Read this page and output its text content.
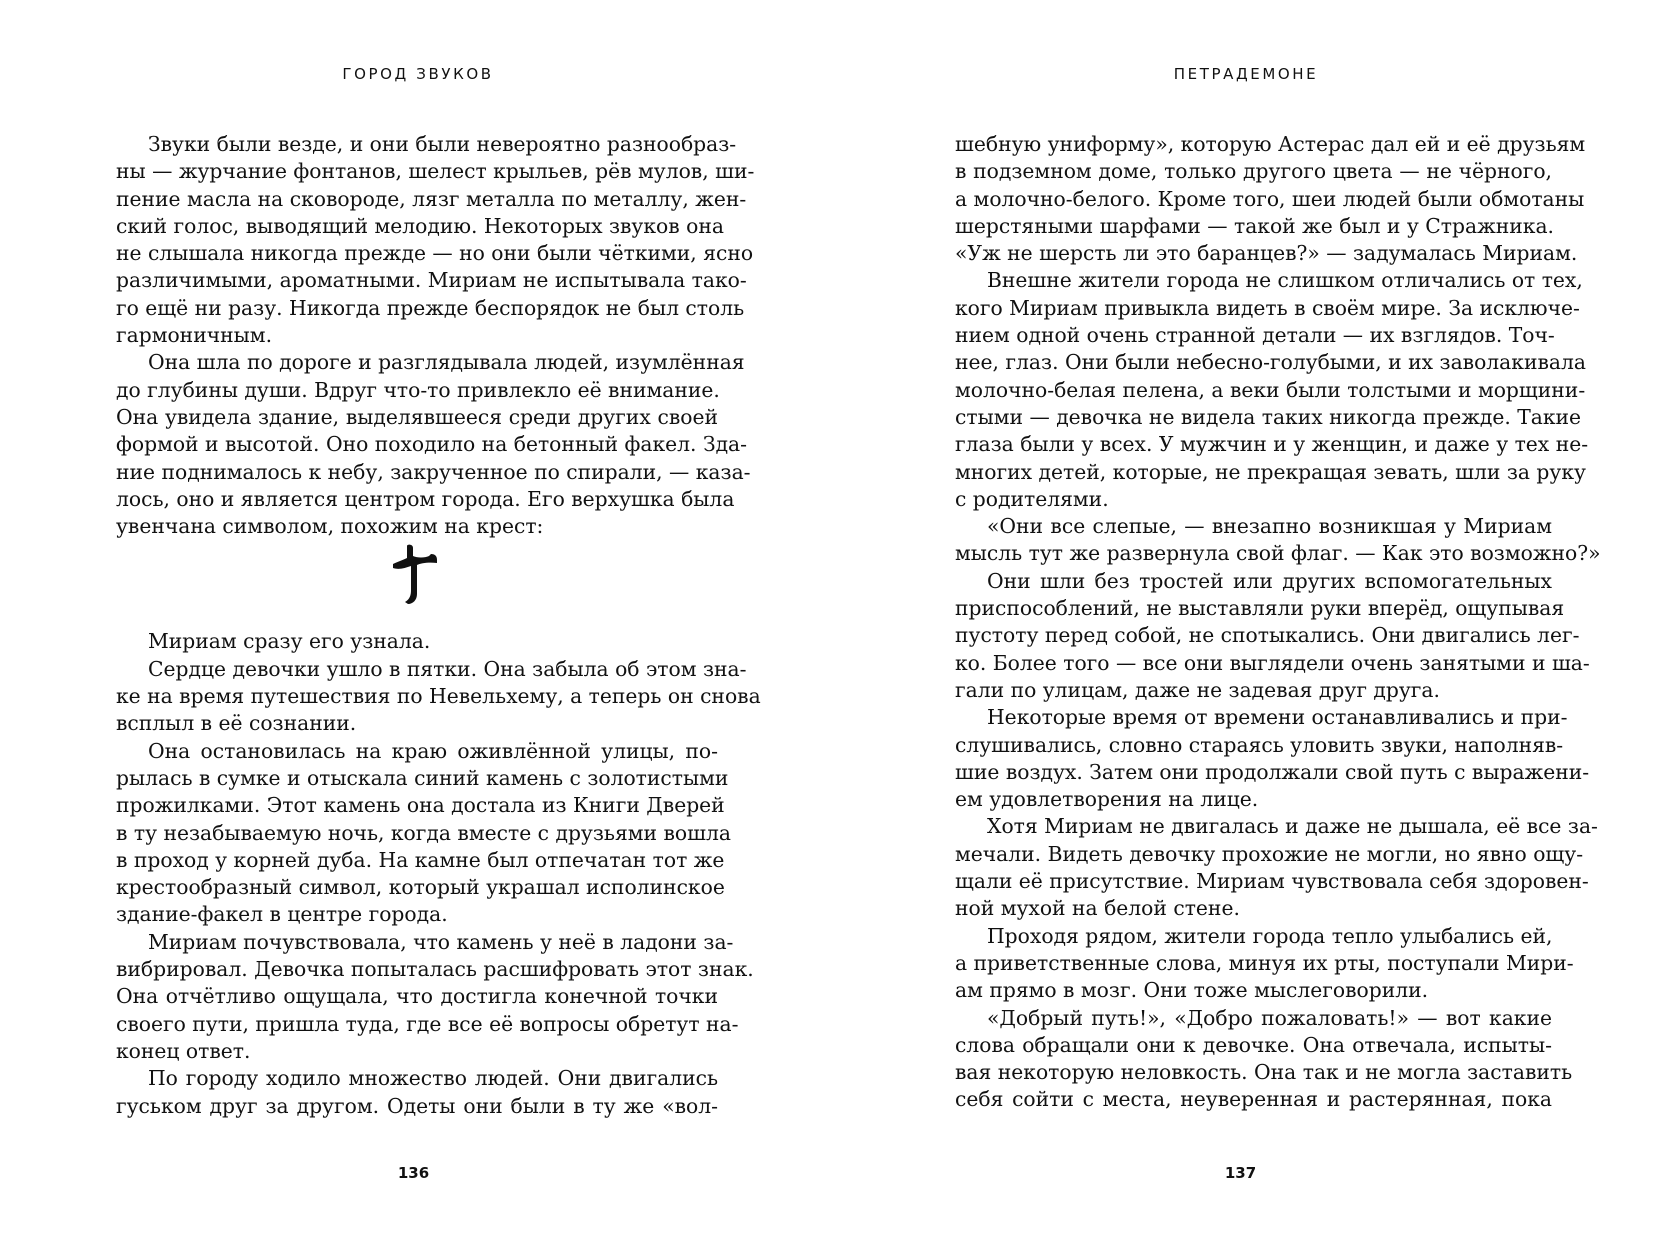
ГОРОД ЗВУКОВ
Звуки были везде, и они были невероятно разнообраз-
ны — журчание фонтанов, шелест крыльев, рёв мулов, ши-
пение масла на сковороде, лязг металла по металлу, жен-
ский голос, выводящий мелодию. Некоторых звуков она
не слышала никогда прежде — но они были чёткими, ясно
различимыми, ароматными. Мириам не испытывала тако-
го ещё ни разу. Никогда прежде беспорядок не был столь
гармоничным.
Она шла по дороге и разглядывала людей, изумлённая
до глубины души. Вдруг что-то привлекло её внимание.
Она увидела здание, выделявшееся среди других своей
формой и высотой. Оно походило на бетонный факел. Зда-
ние поднималось к небу, закрученное по спирали, — каза-
лось, оно и является центром города. Его верхушка была
увенчана символом, похожим на крест:
Мириам сразу его узнала.
Сердце девочки ушло в пятки. Она забыла об этом зна-
ке на время путешествия по Невельхему, а теперь он снова
всплыл в её сознании.
Она остановилась на краю оживлённой улицы, по-
рылась в сумке и отыскала синий камень с золотистыми
прожилками. Этот камень она достала из Книги Дверей
в ту незабываемую ночь, когда вместе с друзьями вошла
в проход у корней дуба. На камне был отпечатан тот же
крестообразный символ, который украшал исполинское
здание-факел в центре города.
Мириам почувствовала, что камень у неё в ладони за-
вибрировал. Девочка попыталась расшифровать этот знак.
Она отчётливо ощущала, что достигла конечной точки
своего пути, пришла туда, где все её вопросы обретут на-
конец ответ.
По городу ходило множество людей. Они двигались
гуськом друг за другом. Одеты они были в ту же «вол-
136
ПЕТРАДЕМОНЕ
шебную униформу», которую Астерас дал ей и её друзьям
в подземном доме, только другого цвета — не чёрного,
а молочно-белого. Кроме того, шеи людей были обмотаны
шерстяными шарфами — такой же был и у Стражника.
«Уж не шерсть ли это баранцев?» — задумалась Мириам.
Внешне жители города не слишком отличались от тех,
кого Мириам привыкла видеть в своём мире. За исключе-
нием одной очень странной детали — их взглядов. Точ-
нее, глаз. Они были небесно-голубыми, и их заволакивала
молочно-белая пелена, а веки были толстыми и морщини-
стыми — девочка не видела таких никогда прежде. Такие
глаза были у всех. У мужчин и у женщин, и даже у тех не-
многих детей, которые, не прекращая зевать, шли за руку
с родителями.
«Они все слепые, — внезапно возникшая у Мириам
мысль тут же развернула свой флаг. — Как это возможно?»
Они шли без тростей или других вспомогательных
приспособлений, не выставляли руки вперёд, ощупывая
пустоту перед собой, не спотыкались. Они двигались лег-
ко. Более того — все они выглядели очень занятыми и ша-
гали по улицам, даже не задевая друг друга.
Некоторые время от времени останавливались и при-
слушивались, словно стараясь уловить звуки, наполняв-
шие воздух. Затем они продолжали свой путь с выражени-
ем удовлетворения на лице.
Хотя Мириам не двигалась и даже не дышала, её все за-
мечали. Видеть девочку прохожие не могли, но явно ощу-
щали её присутствие. Мириам чувствовала себя здоровен-
ной мухой на белой стене.
Проходя рядом, жители города тепло улыбались ей,
а приветственные слова, минуя их рты, поступали Мири-
ам прямо в мозг. Они тоже мыслеговорили.
«Добрый путь!», «Добро пожаловать!» — вот какие
слова обращали они к девочке. Она отвечала, испыты-
вая некоторую неловкость. Она так и не могла заставить
себя сойти с места, неуверенная и растерянная, пока
137
